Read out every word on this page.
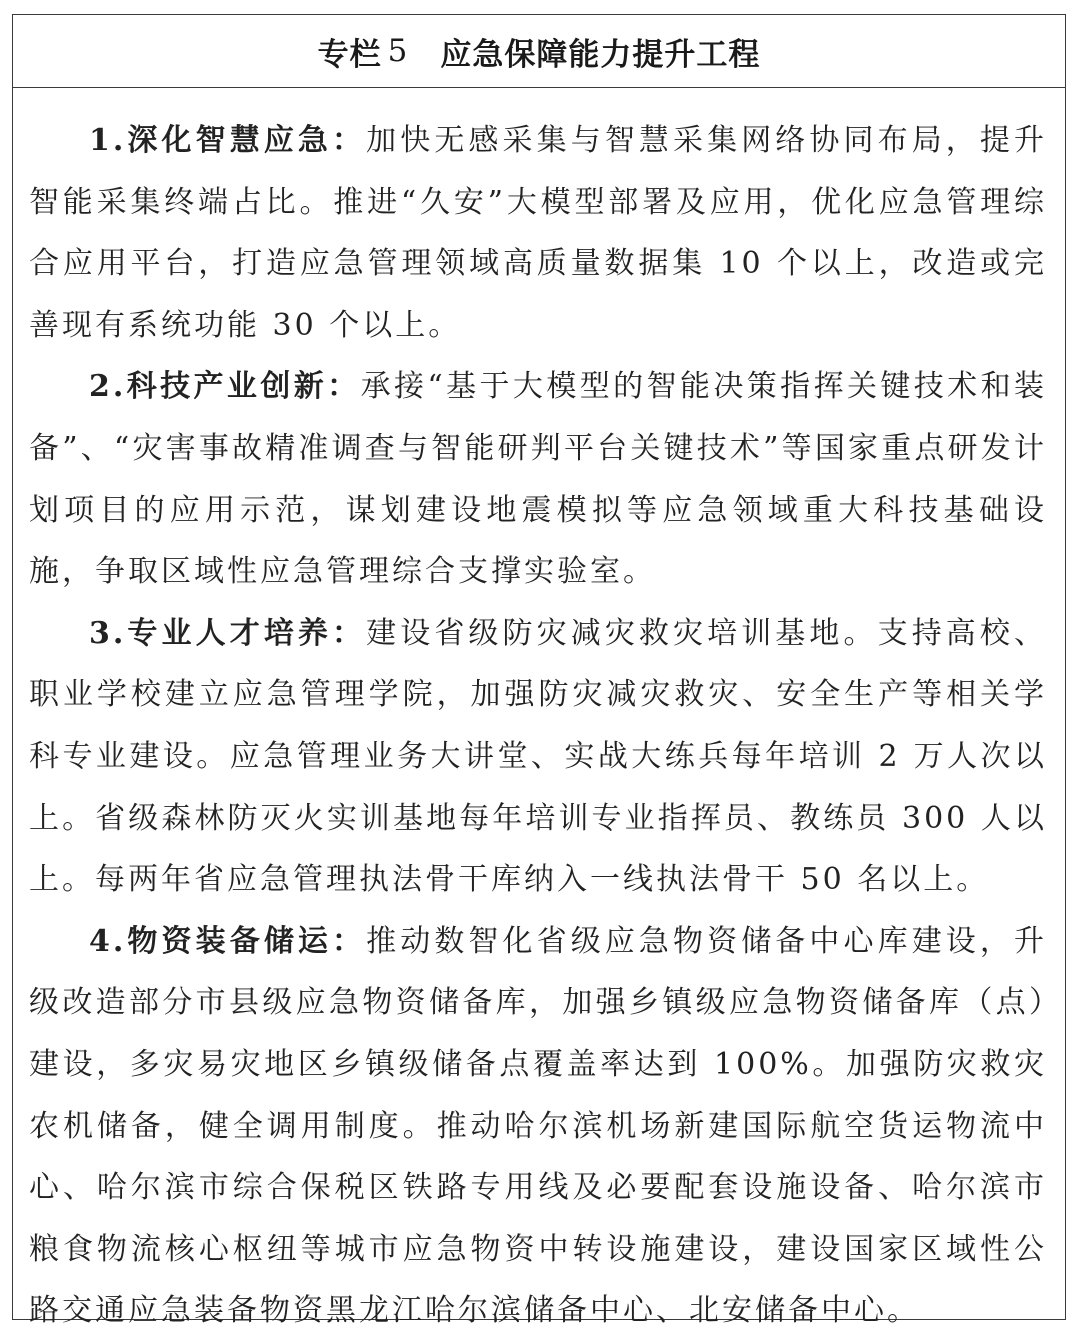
专栏 5 应急保障能力提升工程

1.深化智慧应急：加快无感采集与智慧采集网络协同布局，提升智能采集终端占比。推进“久安”大模型部署及应用，优化应急管理综合应用平台，打造应急管理领域高质量数据集 10 个以上，改造或完善现有系统功能 30 个以上。

2.科技产业创新：承接“基于大模型的智能决策指挥关键技术和装备”、“灾害事故精准调查与智能研判平台关键技术”等国家重点研发计划项目的应用示范，谋划建设地震模拟等应急领域重大科技基础设施，争取区域性应急管理综合支撑实验室。

3.专业人才培养：建设省级防灾减灾救灾培训基地。支持高校、职业学校建立应急管理学院，加强防灾减灾救灾、安全生产等相关学科专业建设。应急管理业务大讲堂、实战大练兵每年培训 2 万人次以上。省级森林防灭火实训基地每年培训专业指挥员、教练员 300 人以上。每两年省应急管理执法骨干库纳入一线执法骨干 50 名以上。

4.物资装备储运：推动数智化省级应急物资储备中心库建设，升级改造部分市县级应急物资储备库，加强乡镇级应急物资储备库（点）建设，多灾易灾地区乡镇级储备点覆盖率达到 100%。加强防灾救灾农机储备，健全调用制度。推动哈尔滨机场新建国际航空货运物流中心、哈尔滨市综合保税区铁路专用线及必要配套设施设备、哈尔滨市粮食物流核心枢纽等城市应急物资中转设施建设，建设国家区域性公路交通应急装备物资黑龙江哈尔滨储备中心、北安储备中心。
